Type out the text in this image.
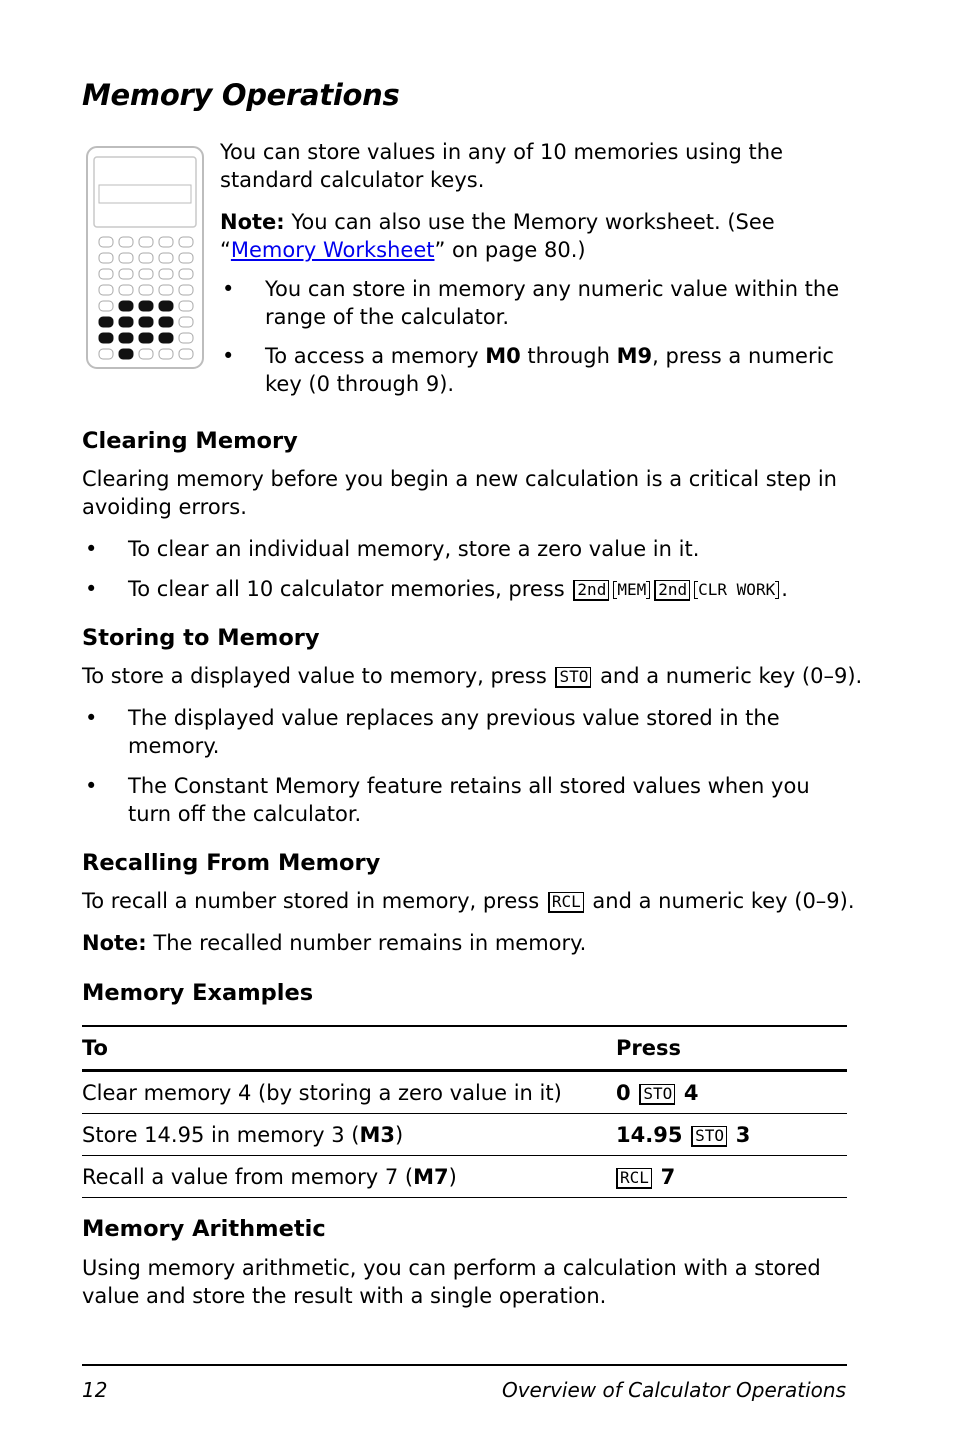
Memory Operations
You can store values in any of 10 memories using the standard calculator keys.
Note: You can also use the Memory worksheet. (See “Memory Worksheet” on page 80.)
• You can store in memory any numeric value within the range of the calculator.
• To access a memory M0 through M9, press a numeric key (0 through 9).
Clearing Memory
Clearing memory before you begin a new calculation is a critical step in avoiding errors.
• To clear an individual memory, store a zero value in it.
• To clear all 10 calculator memories, press 2nd MEM 2nd CLR WORK .
Storing to Memory
To store a displayed value to memory, press STO and a numeric key (0–9).
• The displayed value replaces any previous value stored in the memory.
• The Constant Memory feature retains all stored values when you turn off the calculator.
Recalling From Memory
To recall a number stored in memory, press RCL and a numeric key (0–9).
Note: The recalled number remains in memory.
Memory Examples
To	Press
Clear memory 4 (by storing a zero value in it)	0 STO 4
Store 14.95 in memory 3 (M3)	14.95 STO 3
Recall a value from memory 7 (M7)	RCL 7
Memory Arithmetic
Using memory arithmetic, you can perform a calculation with a stored value and store the result with a single operation.
12	Overview of Calculator Operations
